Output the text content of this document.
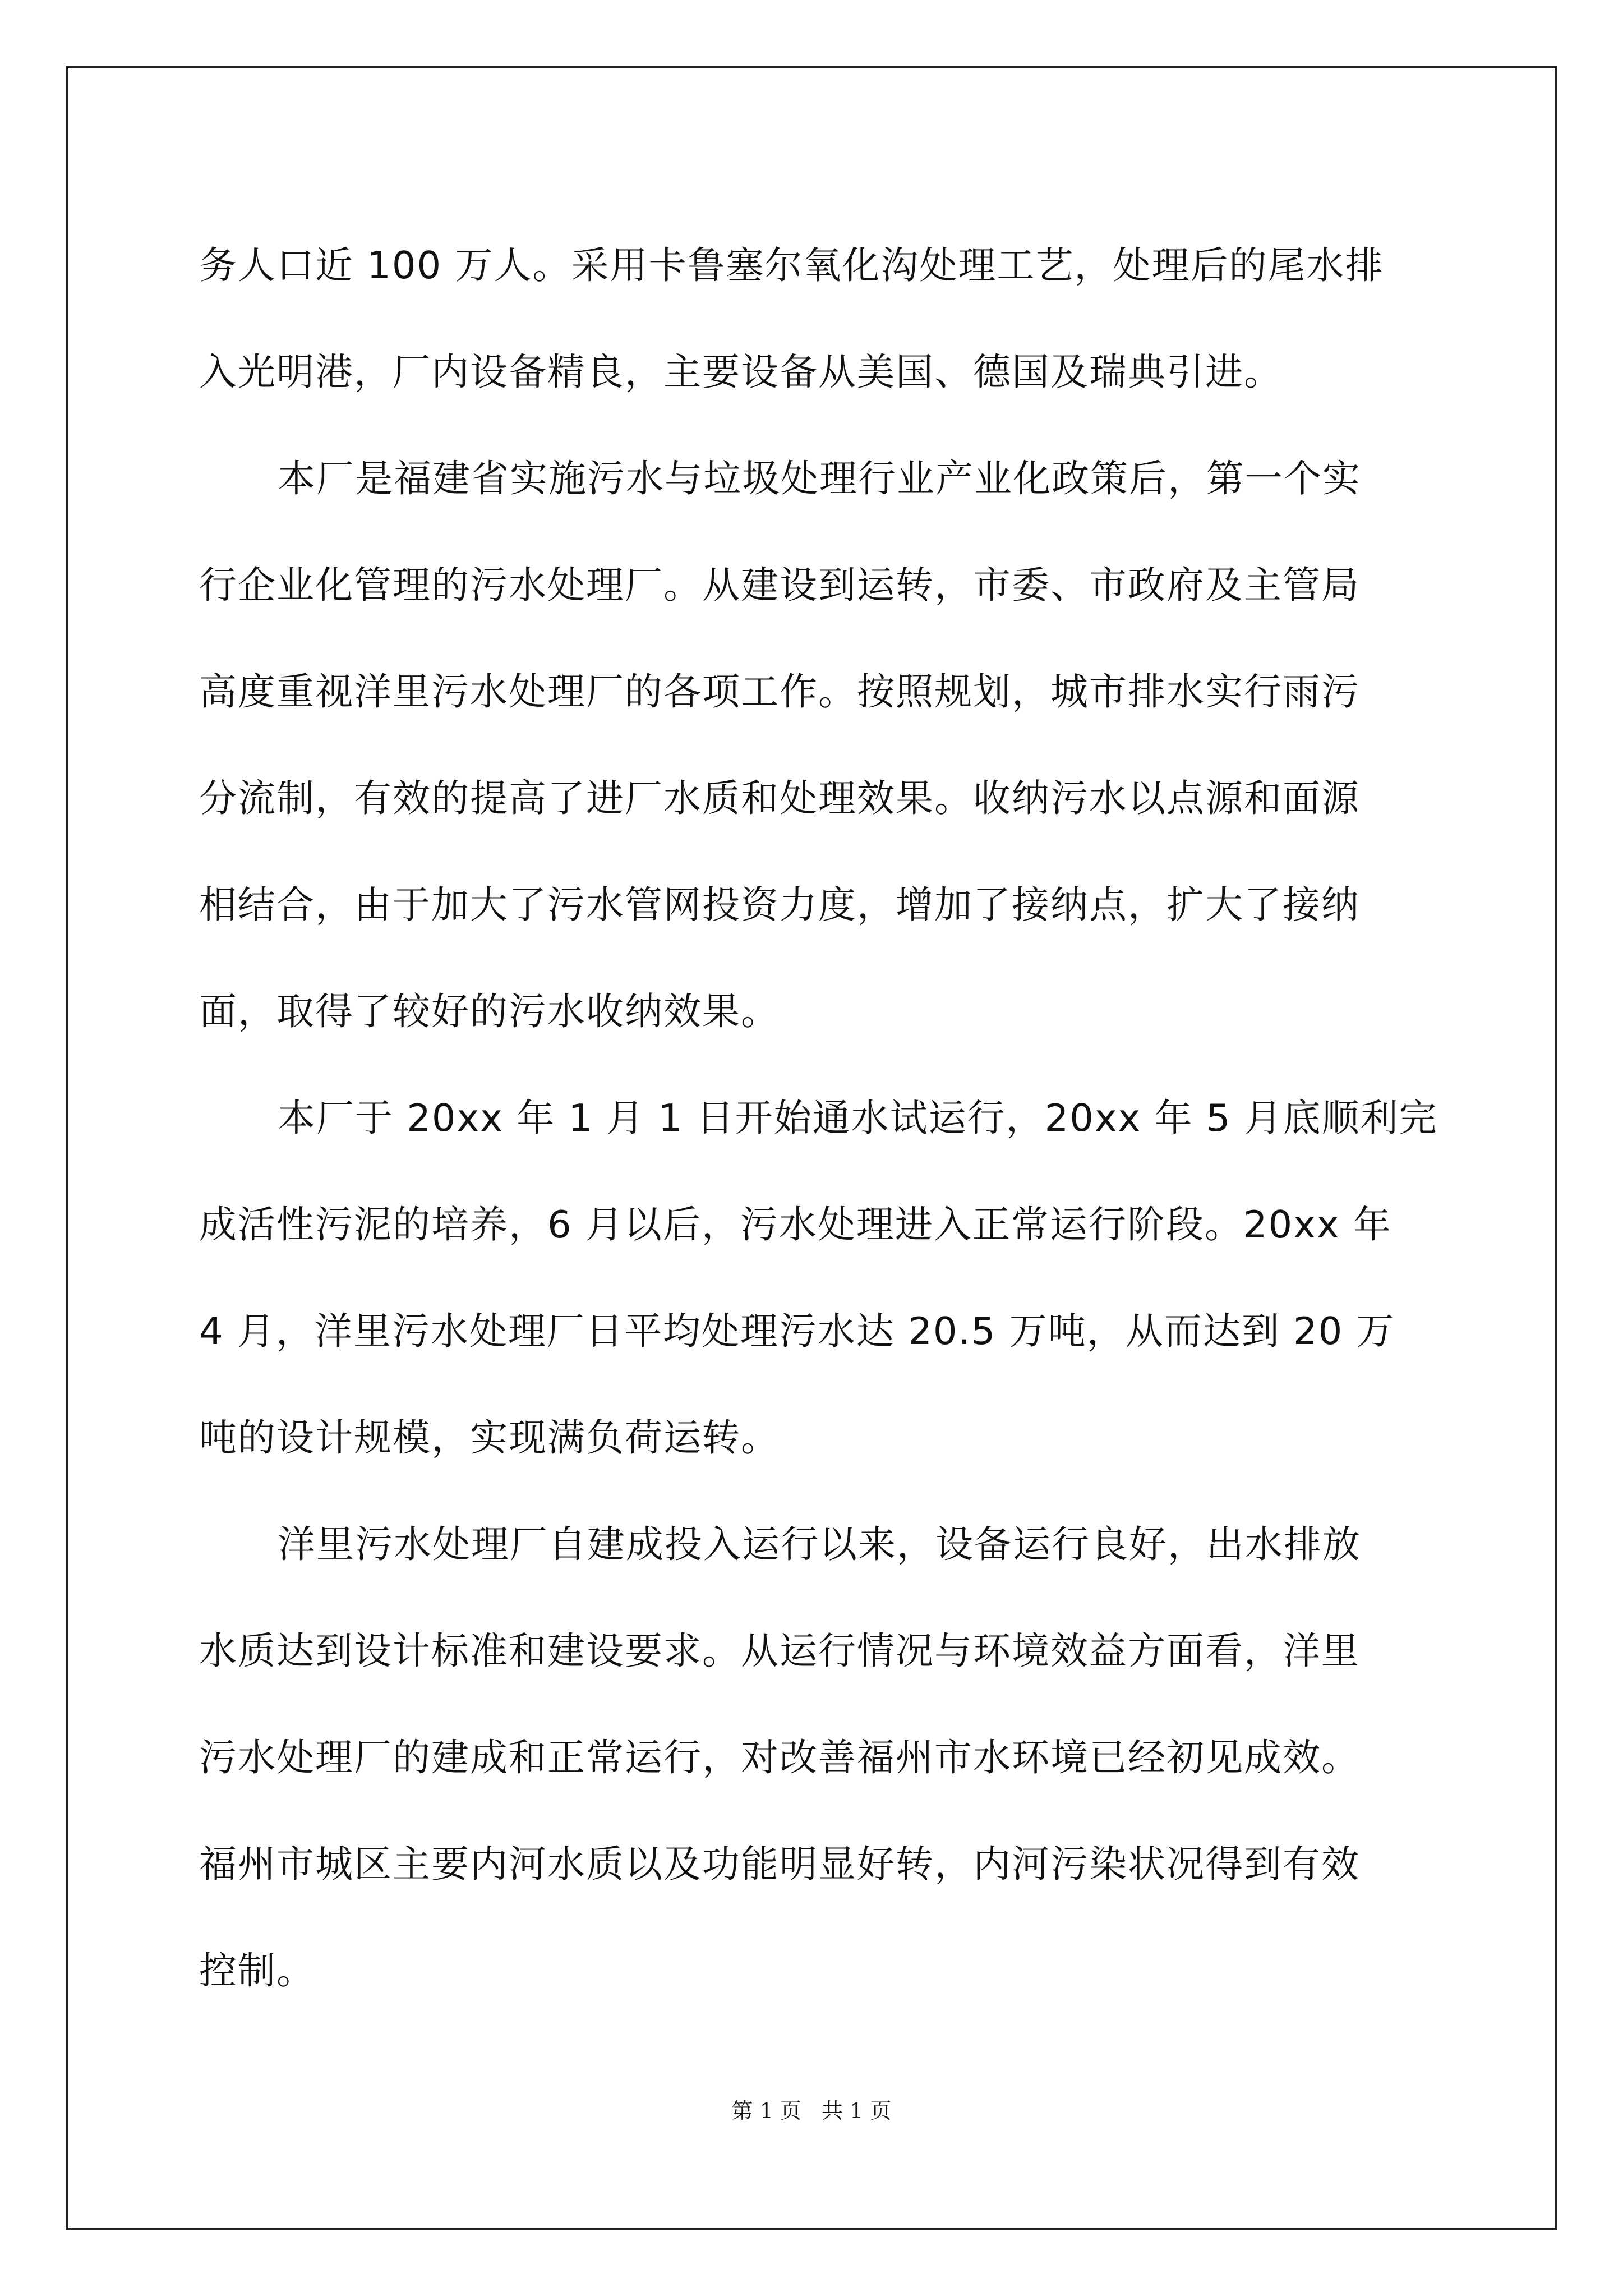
务人口近 100 万人。采用卡鲁塞尔氧化沟处理工艺，处理后的尾水排
入光明港，厂内设备精良，主要设备从美国、德国及瑞典引进。
本厂是福建省实施污水与垃圾处理行业产业化政策后，第一个实
行企业化管理的污水处理厂。从建设到运转，市委、市政府及主管局
高度重视洋里污水处理厂的各项工作。按照规划，城市排水实行雨污
分流制，有效的提高了进厂水质和处理效果。收纳污水以点源和面源
相结合，由于加大了污水管网投资力度，增加了接纳点，扩大了接纳
面，取得了较好的污水收纳效果。
本厂于 20xx 年 1 月 1 日开始通水试运行，20xx 年 5 月底顺利完
成活性污泥的培养，6 月以后，污水处理进入正常运行阶段。20xx 年
4 月，洋里污水处理厂日平均处理污水达 20.5 万吨，从而达到 20 万
吨的设计规模，实现满负荷运转。
洋里污水处理厂自建成投入运行以来，设备运行良好，出水排放
水质达到设计标准和建设要求。从运行情况与环境效益方面看，洋里
污水处理厂的建成和正常运行，对改善福州市水环境已经初见成效。
福州市城区主要内河水质以及功能明显好转，内河污染状况得到有效
控制。
第 1 页   共 1 页
